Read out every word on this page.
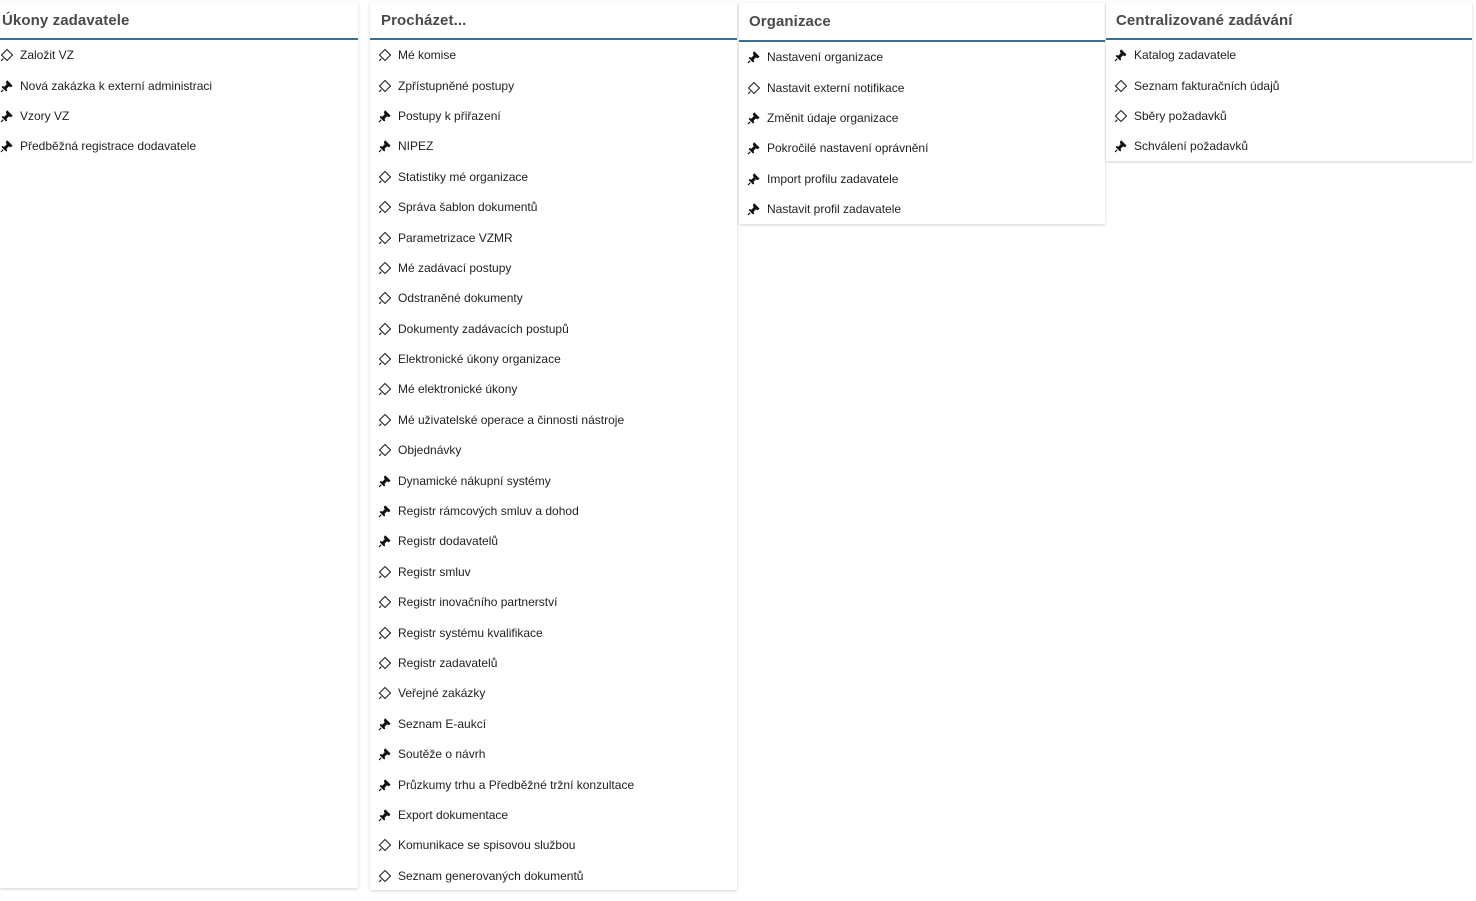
Úkony zadavatele
Založit VZ
Nová zakázka k externí administraci
Vzory VZ
Předběžná registrace dodavatele
Procházet...
Mé komise
Zpřístupněné postupy
Postupy k přiřazení
NIPEZ
Statistiky mé organizace
Správa šablon dokumentů
Parametrizace VZMR
Mé zadávací postupy
Odstraněné dokumenty
Dokumenty zadávacích postupů
Elektronické úkony organizace
Mé elektronické úkony
Mé uživatelské operace a činnosti nástroje
Objednávky
Dynamické nákupní systémy
Registr rámcových smluv a dohod
Registr dodavatelů
Registr smluv
Registr inovačního partnerství
Registr systému kvalifikace
Registr zadavatelů
Veřejné zakázky
Seznam E-aukcí
Soutěže o návrh
Průzkumy trhu a Předběžné tržní konzultace
Export dokumentace
Komunikace se spisovou službou
Seznam generovaných dokumentů
Organizace
Nastavení organizace
Nastavit externí notifikace
Změnit údaje organizace
Pokročilé nastavení oprávnění
Import profilu zadavatele
Nastavit profil zadavatele
Centralizované zadávání
Katalog zadavatele
Seznam fakturačních údajů
Sběry požadavků
Schválení požadavků
